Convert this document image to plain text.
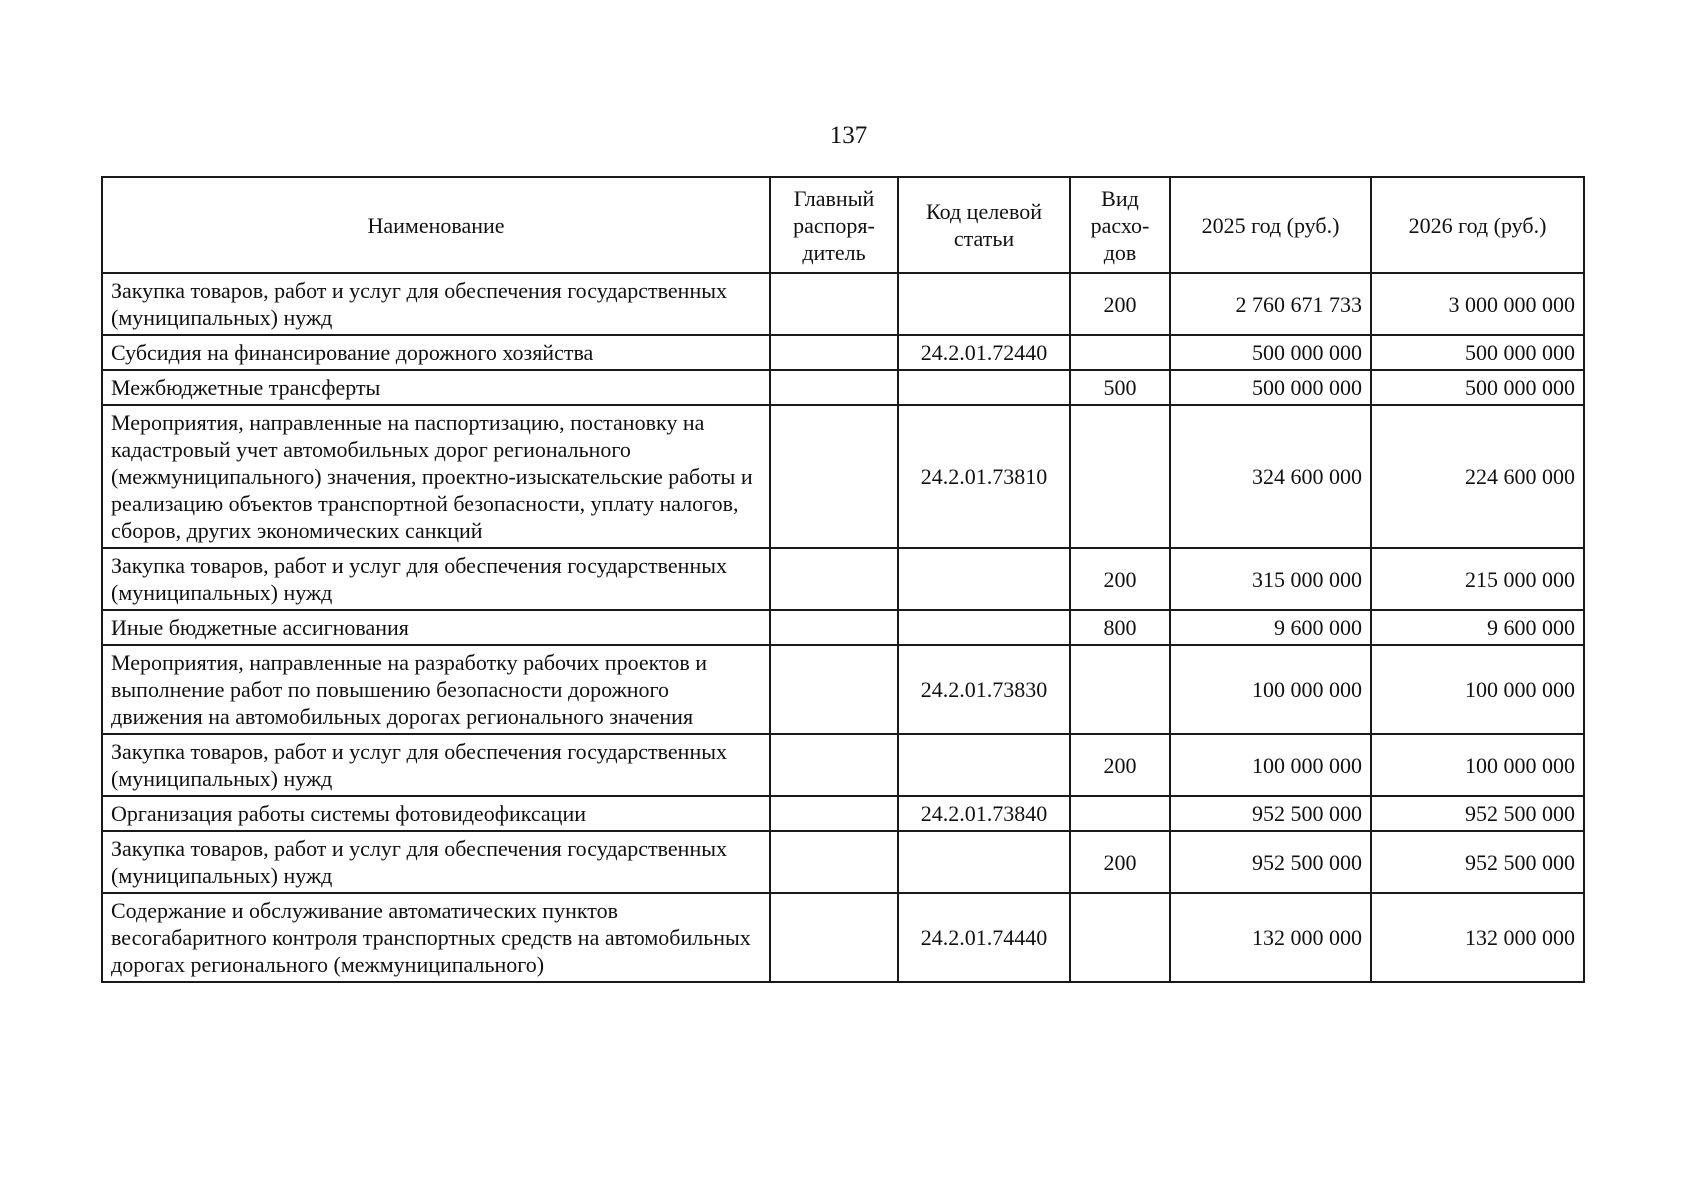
137
Наименование	Главный распоря-дитель	Код целевой статьи	Вид расхо-дов	2025 год (руб.)	2026 год (руб.)
Закупка товаров, работ и услуг для обеспечения государственных (муниципальных) нужд			200	2 760 671 733	3 000 000 000
Субсидия на финансирование дорожного хозяйства		24.2.01.72440		500 000 000	500 000 000
Межбюджетные трансферты			500	500 000 000	500 000 000
Мероприятия, направленные на паспортизацию, постановку на кадастровый учет автомобильных дорог регионального (межмуниципального) значения, проектно-изыскательские работы и реализацию объектов транспортной безопасности, уплату налогов, сборов, других экономических санкций		24.2.01.73810		324 600 000	224 600 000
Закупка товаров, работ и услуг для обеспечения государственных (муниципальных) нужд			200	315 000 000	215 000 000
Иные бюджетные ассигнования			800	9 600 000	9 600 000
Мероприятия, направленные на разработку рабочих проектов и выполнение работ по повышению безопасности дорожного движения на автомобильных дорогах регионального значения		24.2.01.73830		100 000 000	100 000 000
Закупка товаров, работ и услуг для обеспечения государственных (муниципальных) нужд			200	100 000 000	100 000 000
Организация работы системы фотовидеофиксации		24.2.01.73840		952 500 000	952 500 000
Закупка товаров, работ и услуг для обеспечения государственных (муниципальных) нужд			200	952 500 000	952 500 000
Содержание и обслуживание автоматических пунктов весогабаритного контроля транспортных средств на автомобильных дорогах регионального (межмуниципального)		24.2.01.74440		132 000 000	132 000 000
